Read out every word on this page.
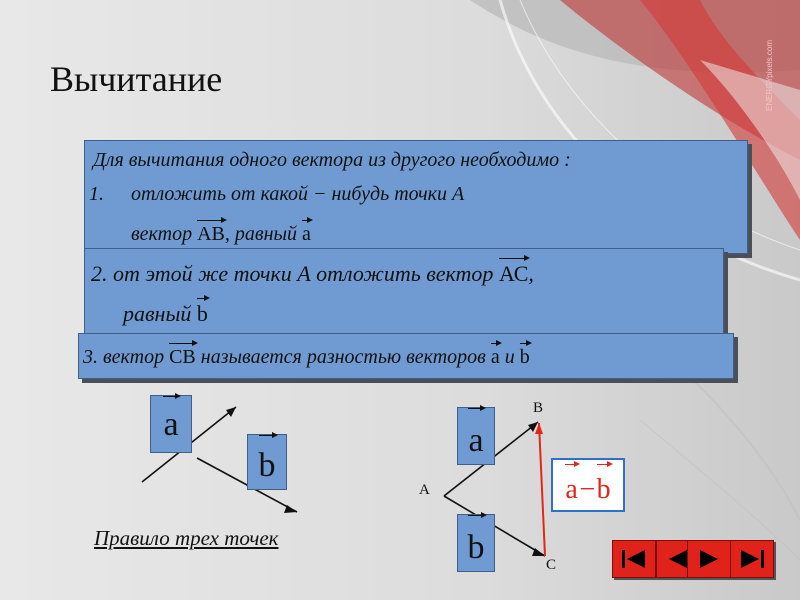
ENERGYpixels.com
Вычитание
Для вычитания одного вектора из другого необходимо :
1. отложить от какой − нибудь точки А
вектор АВ, равный а
2. от этой же точки А отложить вектор АС,
равный b
3. вектор СВ называется разностью векторов а и b
a
b
Правило трех точек
a
b
A
B
C
a−b
